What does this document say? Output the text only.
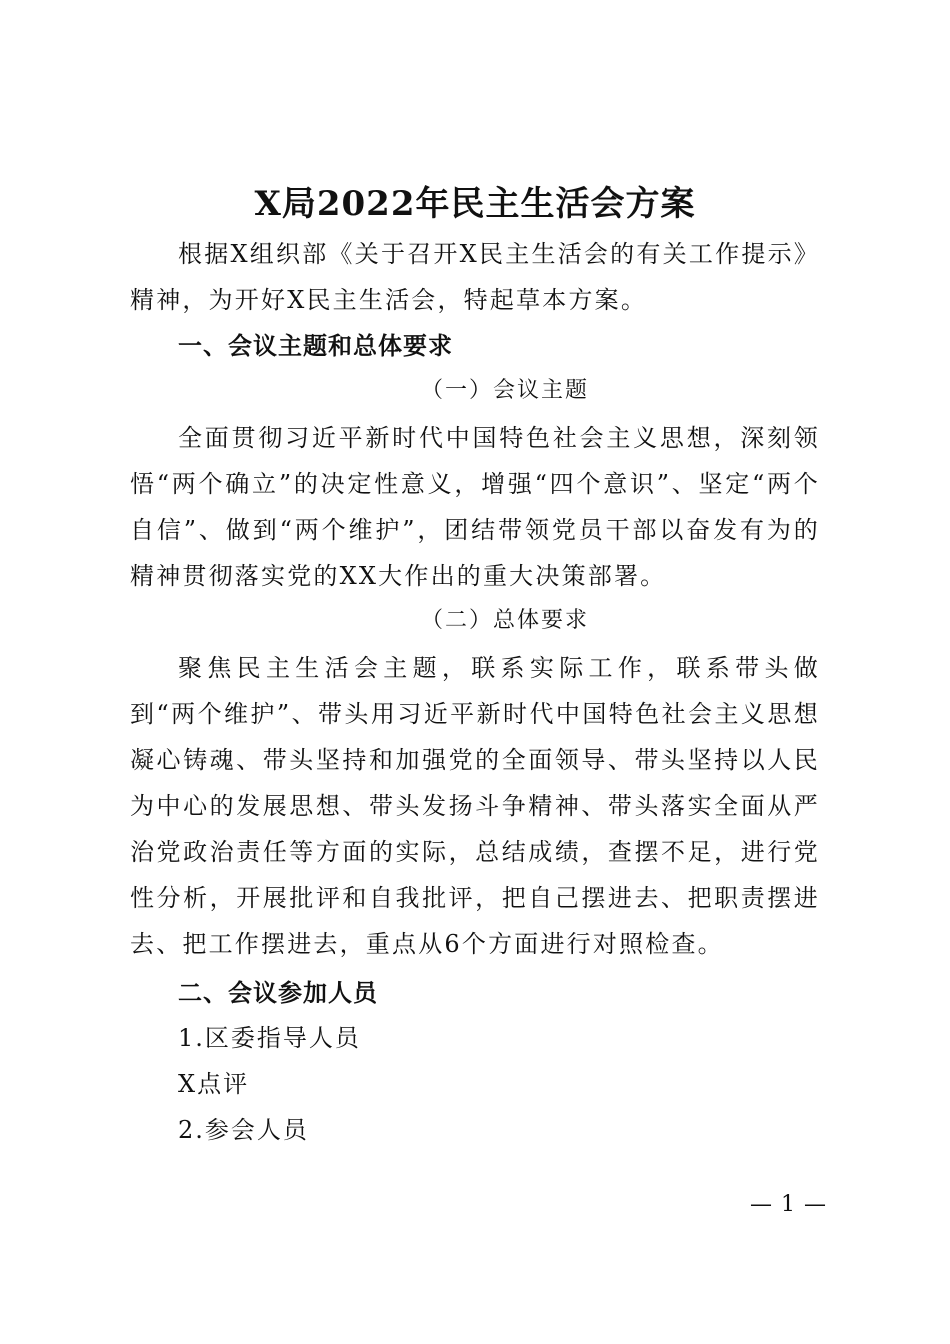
X局2022年民主生活会方案
根据X组织部《关于召开X民主生活会的有关工作提示》精神，为开好X民主生活会，特起草本方案。
一、会议主题和总体要求
（一）会议主题
全面贯彻习近平新时代中国特色社会主义思想，深刻领悟“两个确立”的决定性意义，增强“四个意识”、坚定“两个自信”、做到“两个维护”，团结带领党员干部以奋发有为的精神贯彻落实党的XX大作出的重大决策部署。
（二）总体要求
聚焦民主生活会主题，联系实际工作，联系带头做到“两个维护”、带头用习近平新时代中国特色社会主义思想凝心铸魂、带头坚持和加强党的全面领导、带头坚持以人民为中心的发展思想、带头发扬斗争精神、带头落实全面从严治党政治责任等方面的实际，总结成绩，查摆不足，进行党性分析，开展批评和自我批评，把自己摆进去、把职责摆进去、把工作摆进去，重点从6个方面进行对照检查。
二、会议参加人员
1.区委指导人员
X点评
2.参会人员
— 1 —
